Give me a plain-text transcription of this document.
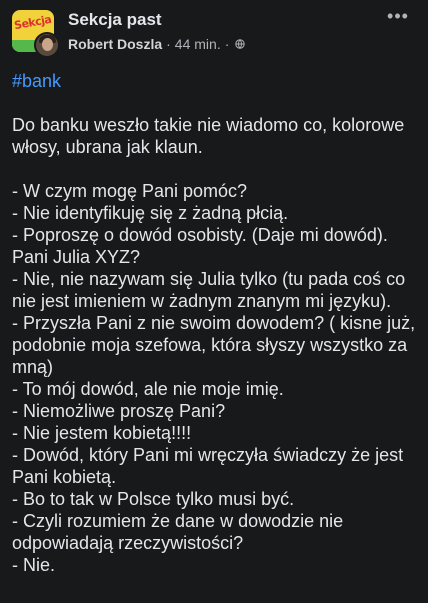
Sekcja Sekcja past
Robert Doszla · 44 min. ·
•••
#bank
Do banku weszło takie nie wiadomo co, kolorowe
włosy, ubrana jak klaun.
- W czym mogę Pani pomóc?
- Nie identyfikuję się z żadną płcią.
- Poproszę o dowód osobisty. (Daje mi dowód).
Pani Julia XYZ?
- Nie, nie nazywam się Julia tylko (tu pada coś co
nie jest imieniem w żadnym znanym mi języku).
- Przyszła Pani z nie swoim dowodem? ( kisne już,
podobnie moja szefowa, która słyszy wszystko za
mną)
- To mój dowód, ale nie moje imię.
- Niemożliwe proszę Pani?
- Nie jestem kobietą!!!!
- Dowód, który Pani mi wręczyła świadczy że jest
Pani kobietą.
- Bo to tak w Polsce tylko musi być.
- Czyli rozumiem że dane w dowodzie nie
odpowiadają rzeczywistości?
- Nie.
